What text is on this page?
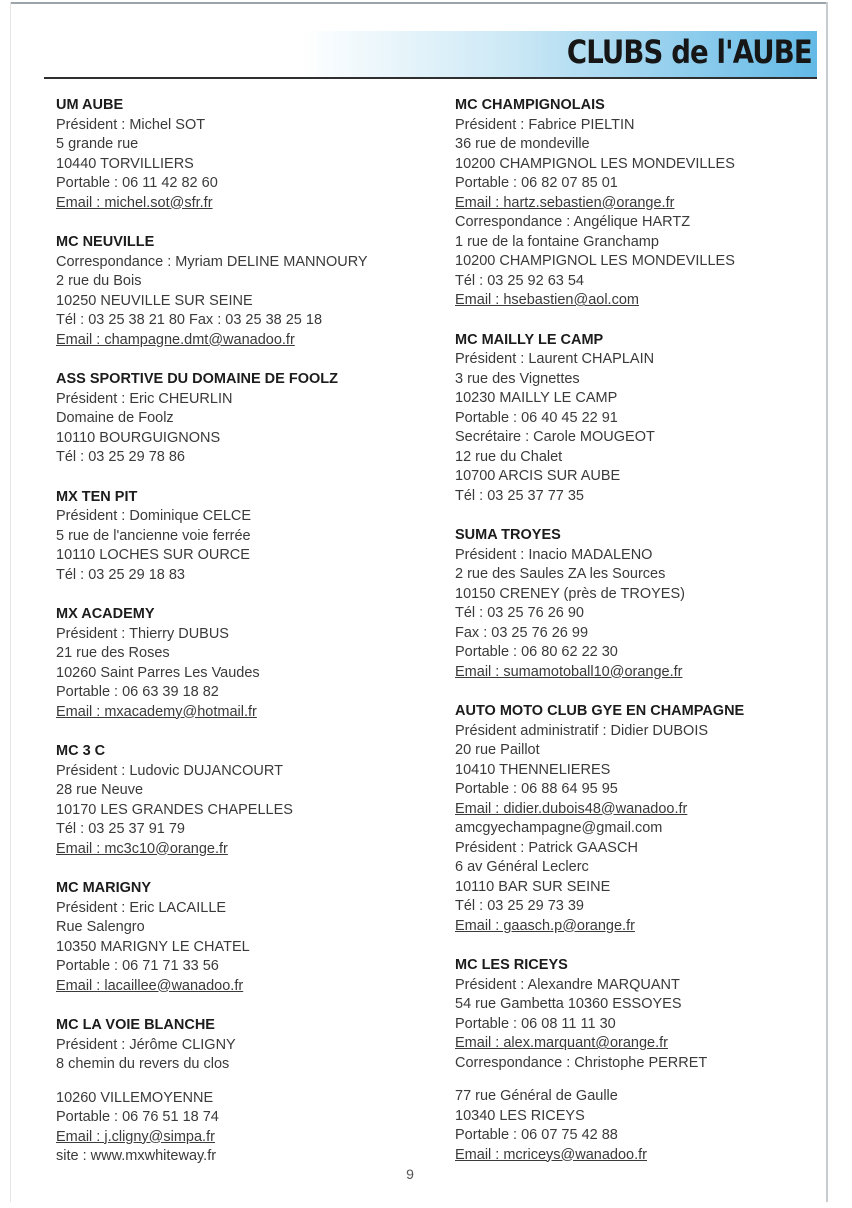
CLUBS de l'AUBE
UM AUBE
Président : Michel SOT
5 grande rue
10440 TORVILLIERS
Portable : 06 11 42 82 60
Email : michel.sot@sfr.fr
MC NEUVILLE
Correspondance : Myriam DELINE MANNOURY
2 rue du Bois
10250 NEUVILLE SUR SEINE
Tél : 03 25 38 21 80 Fax : 03 25 38 25 18
Email : champagne.dmt@wanadoo.fr
ASS SPORTIVE DU DOMAINE DE FOOLZ
Président : Eric CHEURLIN
Domaine de Foolz
10110 BOURGUIGNONS
Tél : 03 25 29 78 86
MX TEN PIT
Président : Dominique CELCE
5 rue de l'ancienne voie ferrée
10110 LOCHES SUR OURCE
Tél : 03 25 29 18 83
MX ACADEMY
Président : Thierry DUBUS
21 rue des Roses
10260 Saint Parres Les Vaudes
Portable : 06 63 39 18 82
Email : mxacademy@hotmail.fr
MC 3 C
Président : Ludovic DUJANCOURT
28 rue Neuve
10170 LES GRANDES CHAPELLES
Tél : 03 25 37 91 79
Email : mc3c10@orange.fr
MC MARIGNY
Président : Eric LACAILLE
Rue Salengro
10350 MARIGNY LE CHATEL
Portable : 06 71 71 33 56
Email : lacaillee@wanadoo.fr
MC LA VOIE BLANCHE
Président : Jérôme CLIGNY
8 chemin du revers du clos
10260 VILLEMOYENNE
Portable : 06 76 51 18 74
Email : j.cligny@simpa.fr
site : www.mxwhiteway.fr
MC CHAMPIGNOLAIS
Président : Fabrice PIELTIN
36 rue de mondeville
10200 CHAMPIGNOL LES MONDEVILLES
Portable : 06 82 07 85 01
Email : hartz.sebastien@orange.fr
Correspondance : Angélique HARTZ
1 rue de la fontaine Granchamp
10200 CHAMPIGNOL LES MONDEVILLES
Tél : 03 25 92 63 54
Email : hsebastien@aol.com
MC MAILLY LE CAMP
Président : Laurent CHAPLAIN
3 rue des Vignettes
10230 MAILLY LE CAMP
Portable : 06 40 45 22 91
Secrétaire : Carole MOUGEOT
12 rue du Chalet
10700 ARCIS SUR AUBE
Tél : 03 25 37 77 35
SUMA TROYES
Président : Inacio MADALENO
2 rue des Saules ZA les Sources
10150 CRENEY (près de TROYES)
Tél : 03 25 76 26 90
Fax : 03 25 76 26 99
Portable : 06 80 62 22 30
Email : sumamotoball10@orange.fr
AUTO MOTO CLUB GYE EN CHAMPAGNE
Président administratif : Didier DUBOIS
20 rue Paillot
10410 THENNELIERES
Portable : 06 88 64 95 95
Email : didier.dubois48@wanadoo.fr
amcgyechampagne@gmail.com
Président : Patrick GAASCH
6 av Général Leclerc
10110 BAR SUR SEINE
Tél : 03 25 29 73 39
Email : gaasch.p@orange.fr
MC LES RICEYS
Président : Alexandre MARQUANT
54 rue Gambetta 10360 ESSOYES
Portable : 06 08 11 11 30
Email : alex.marquant@orange.fr
Correspondance : Christophe PERRET
77 rue Général de Gaulle
10340 LES RICEYS
Portable : 06 07 75 42 88
Email : mcriceys@wanadoo.fr
9
